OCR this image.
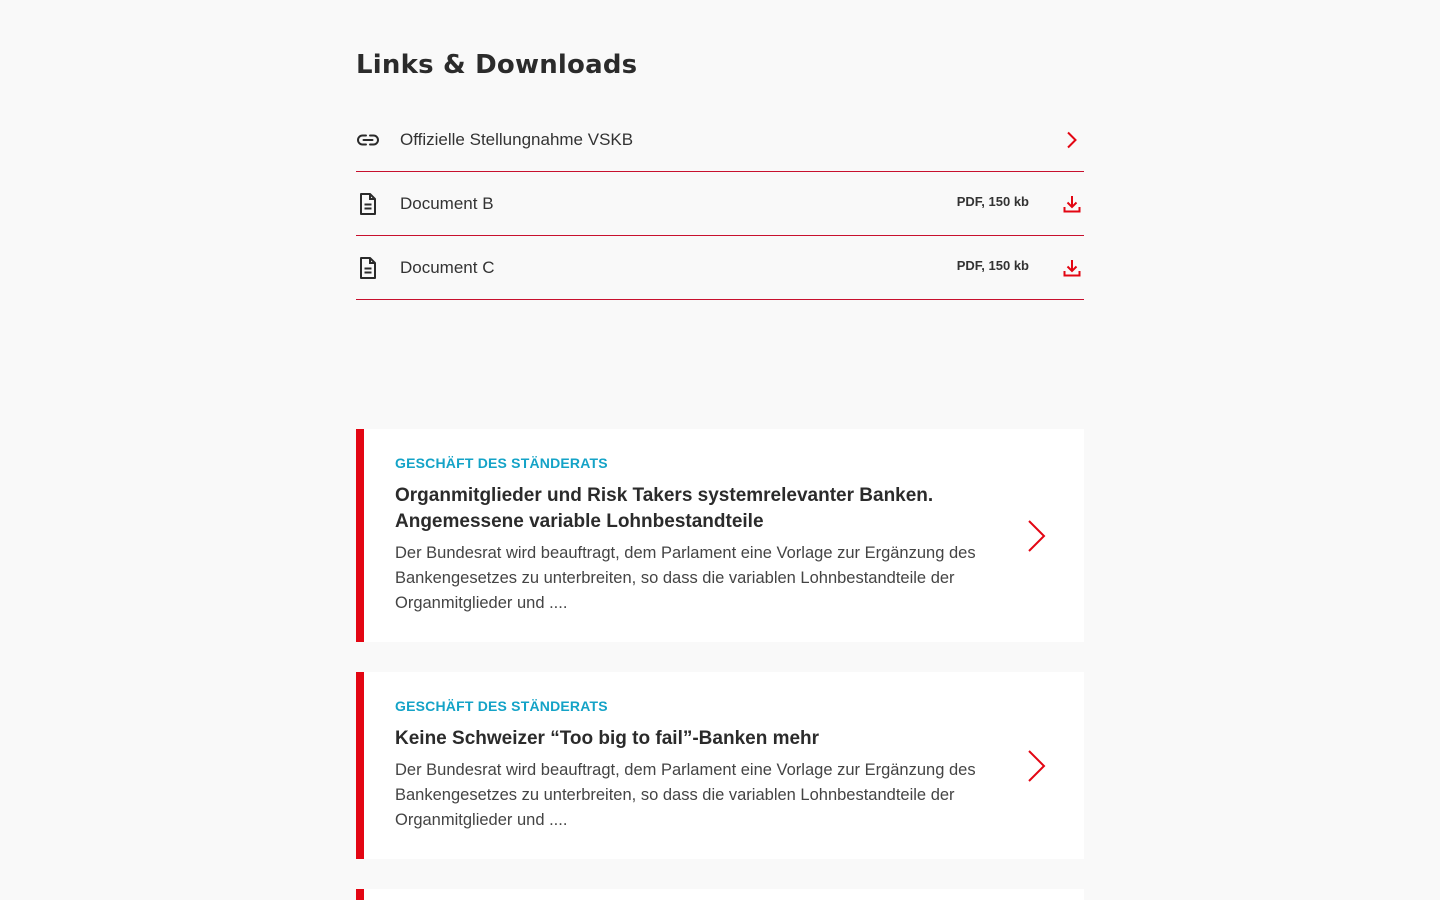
Links & Downloads
Offizielle Stellungnahme VSKB
Document B	PDF, 150 kb
Document C	PDF, 150 kb
GESCHÄFT DES STÄNDERATS
Organmitglieder und Risk Takers systemrelevanter Banken. Angemessene variable Lohnbestandteile

Der Bundesrat wird beauftragt, dem Parlament eine Vorlage zur Ergänzung des Bankengesetzes zu unterbreiten, so dass die variablen Lohnbestandteile der Organmitglieder und ....

GESCHÄFT DES STÄNDERATS
Keine Schweizer “Too big to fail”-Banken mehr

Der Bundesrat wird beauftragt, dem Parlament eine Vorlage zur Ergänzung des Bankengesetzes zu unterbreiten, so dass die variablen Lohnbestandteile der Organmitglieder und ....
